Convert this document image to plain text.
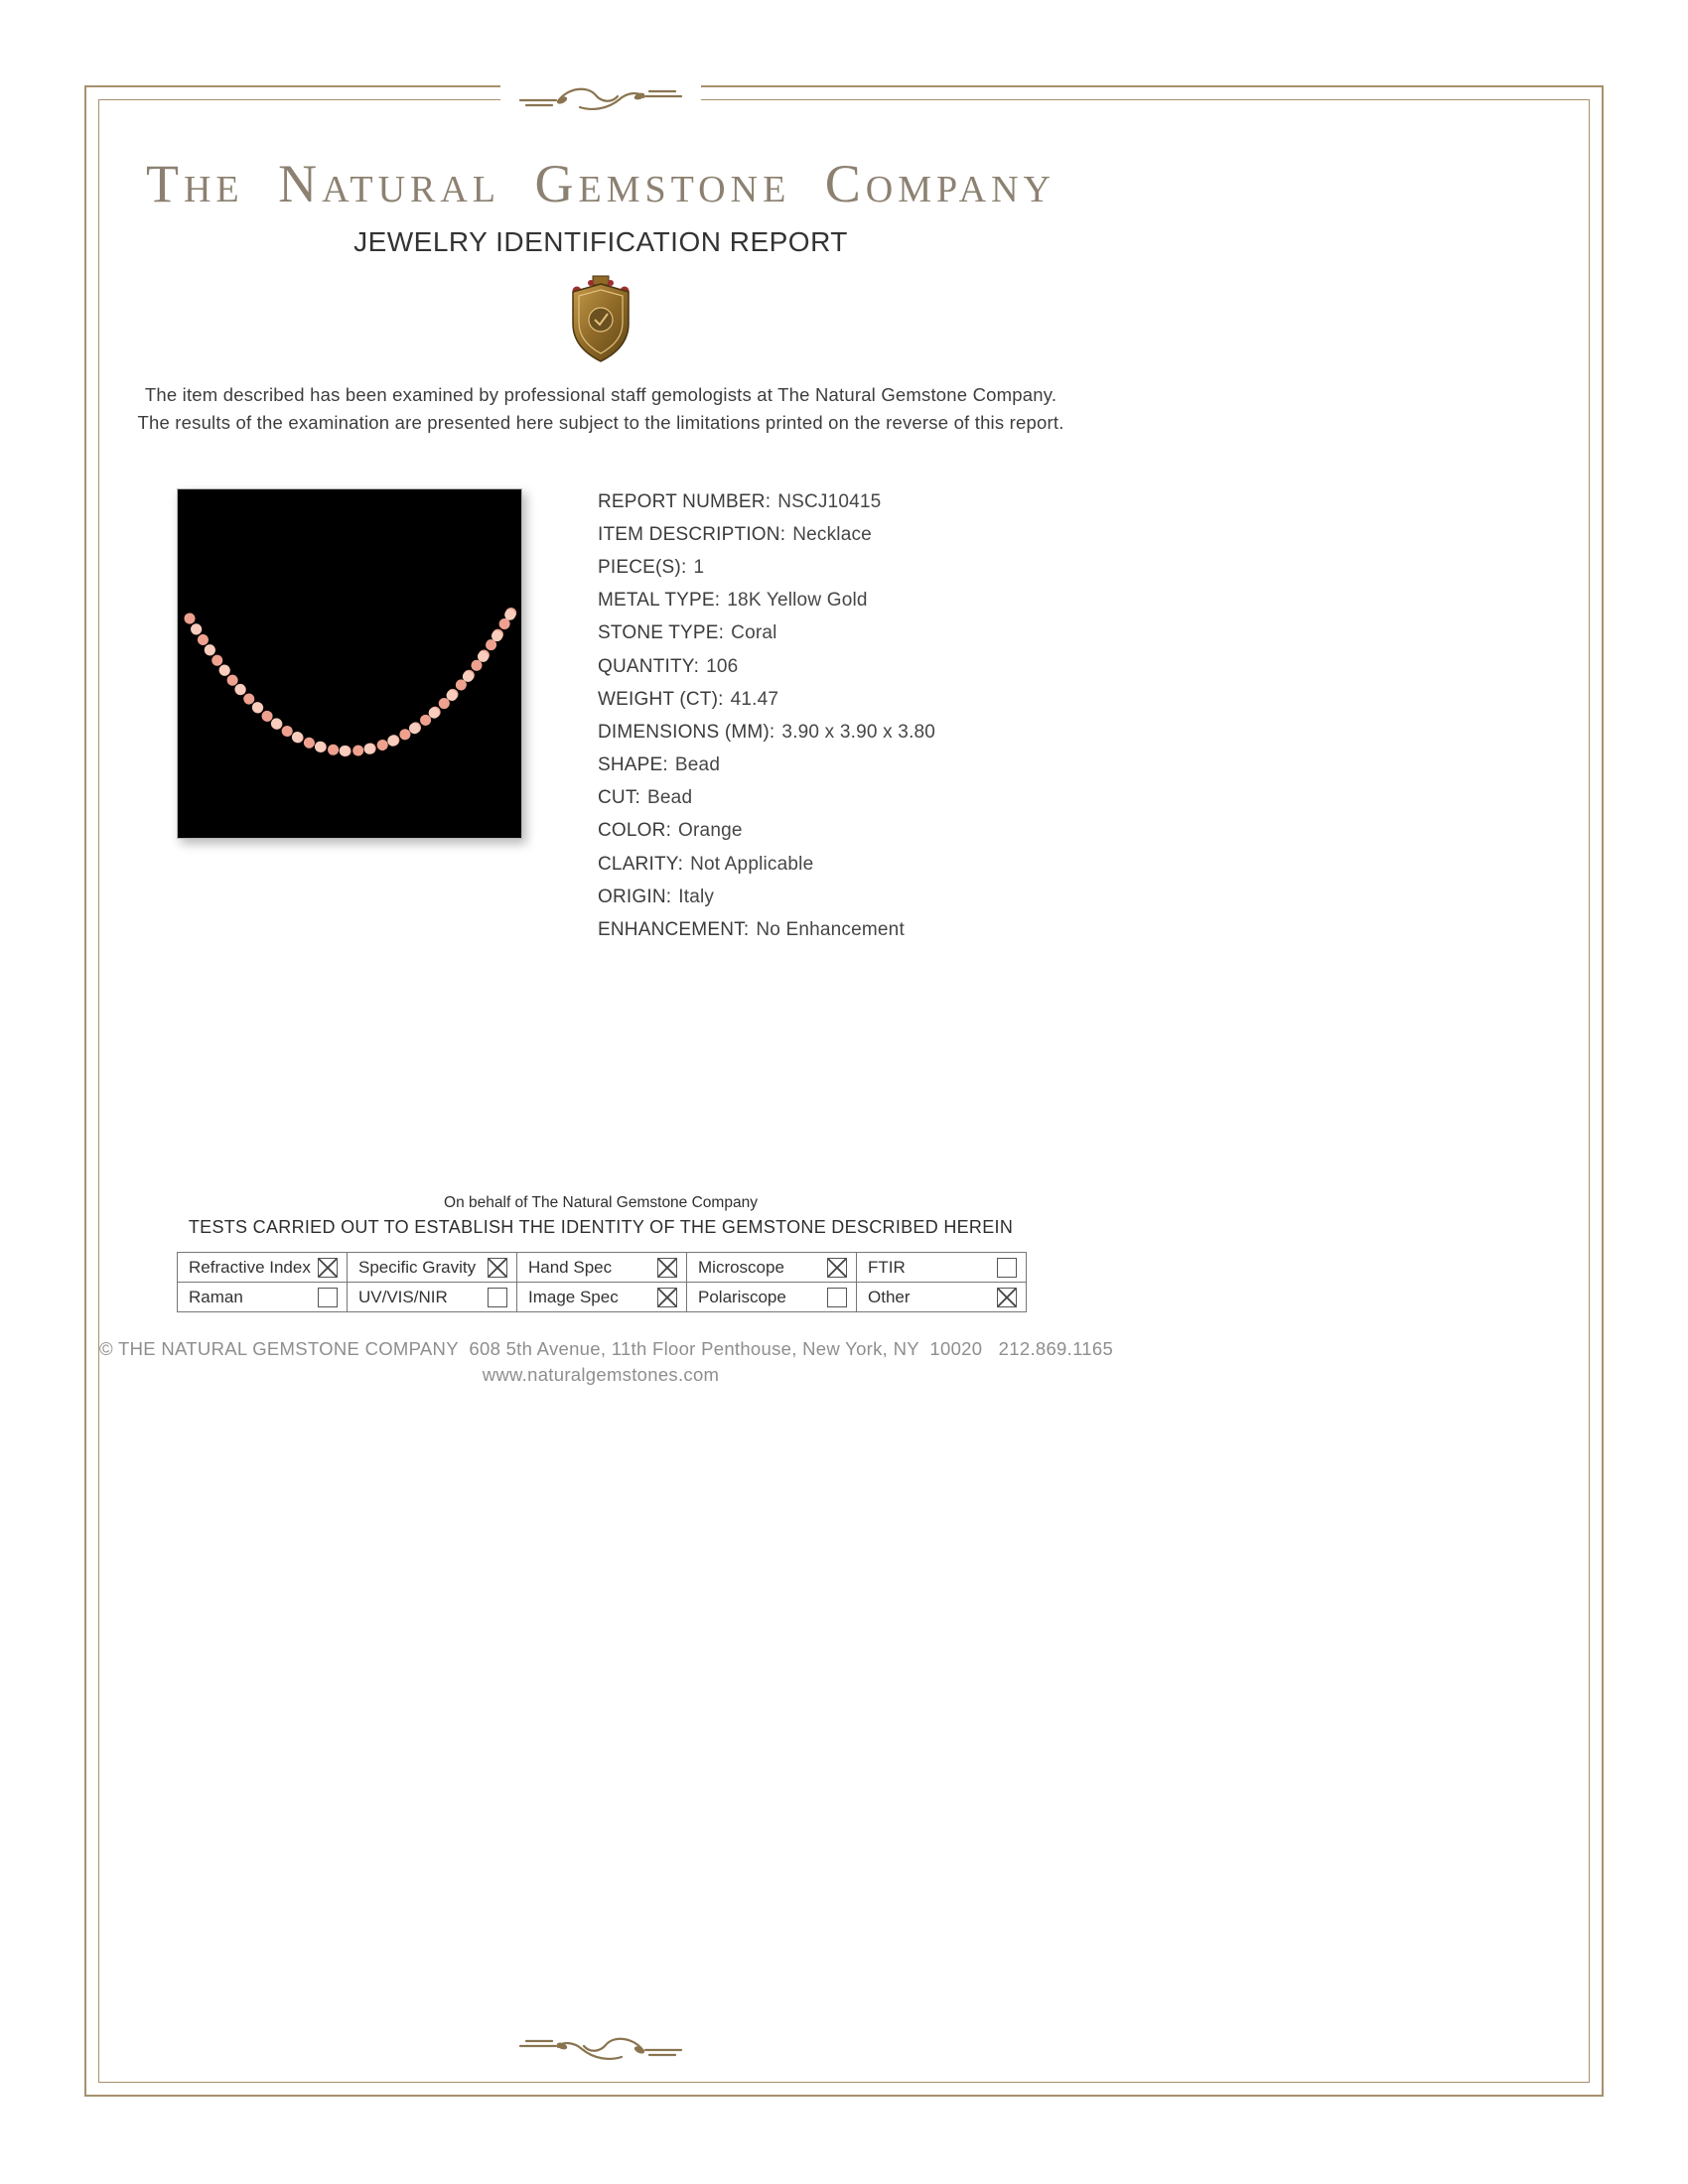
The Natural Gemstone Company
JEWELRY IDENTIFICATION REPORT
The item described has been examined by professional staff gemologists at The Natural Gemstone Company.
The results of the examination are presented here subject to the limitations printed on the reverse of this report.
REPORT NUMBER: NSCJ10415
ITEM DESCRIPTION: Necklace
PIECE(S): 1
METAL TYPE: 18K Yellow Gold
STONE TYPE: Coral
QUANTITY: 106
WEIGHT (CT): 41.47
DIMENSIONS (MM): 3.90 x 3.90 x 3.80
SHAPE: Bead
CUT: Bead
COLOR: Orange
CLARITY: Not Applicable
ORIGIN: Italy
ENHANCEMENT: No Enhancement
On behalf of The Natural Gemstone Company
TESTS CARRIED OUT TO ESTABLISH THE IDENTITY OF THE GEMSTONE DESCRIBED HEREIN
Refractive Index	Specific Gravity	Hand Spec	Microscope	FTIR
Raman	UV/VIS/NIR	Image Spec	Polariscope	Other
© THE NATURAL GEMSTONE COMPANY  608 5th Avenue, 11th Floor Penthouse, New York, NY  10020   212.869.1165
www.naturalgemstones.com
